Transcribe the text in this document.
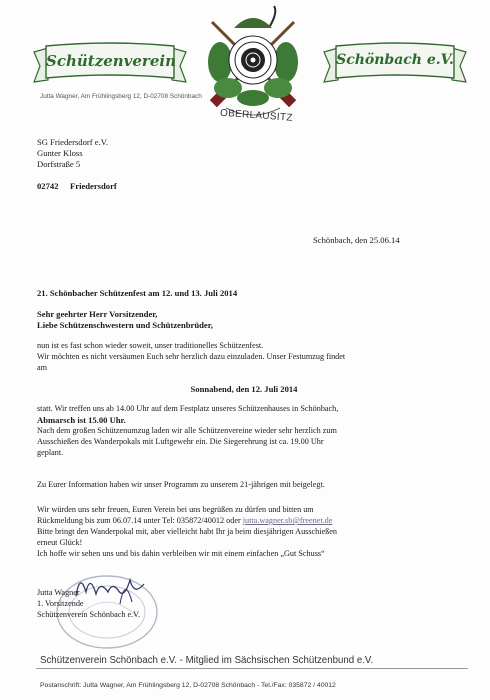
Schützenverein	Schönbach e.V.
OBERLAUSITZ
Jutta Wagner, Am Frühlingsberg 12, D-02708 Schönbach
SG Friedersdorf e.V.
Gunter Kloss
Dorfstraße 5
02742 Friedersdorf
Schönbach, den 25.06.14
21. Schönbacher Schützenfest am 12. und 13. Juli 2014
Sehr geehrter Herr Vorsitzender,
Liebe Schützenschwestern und Schützenbrüder,
nun ist es fast schon wieder soweit, unser traditionelles Schützenfest.
Wir möchten es nicht versäumen Euch sehr herzlich dazu einzuladen. Unser Festumzug findet
am
Sonnabend, den 12. Juli 2014
statt. Wir treffen uns ab 14.00 Uhr auf dem Festplatz unseres Schützenhauses in Schönbach,
Abmarsch ist 15.00 Uhr.
Nach dem großen Schützenumzug laden wir alle Schützenvereine wieder sehr herzlich zum
Ausschießen des Wanderpokals mit Luftgewehr ein. Die Siegerehrung ist ca. 19.00 Uhr
geplant.
Zu Eurer Information haben wir unser Programm zu unserem 21-jährigen mit beigelegt.
Wir würden uns sehr freuen, Euren Verein bei uns begrüßen zu dürfen und bitten um
Rückmeldung bis zum 06.07.14 unter Tel: 035872/40012 oder jutta.wagner.sb@freenet.de
Bitte bringt den Wanderpokal mit, aber vielleicht habt Ihr ja beim diesjährigen Ausschießen
erneut Glück!
Ich hoffe wir sehen uns und bis dahin verbleiben wir mit einem einfachen „Gut Schuss“
Jutta Wagner
1. Vorsitzende
Schützenverein Schönbach e.V.
Schützenverein Schönbach e.V. - Mitglied im Sächsischen Schützenbund e.V.
Postanschrift: Jutta Wagner, Am Frühlingsberg 12, D-02708 Schönbach - Tel./Fax: 035872 / 40012
